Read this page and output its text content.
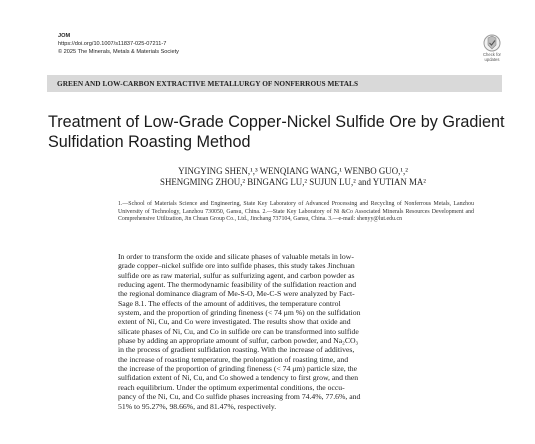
JOM
https://doi.org/10.1007/s11837-025-07211-7
© 2025 The Minerals, Metals & Materials Society	Check for
updates
GREEN AND LOW-CARBON EXTRACTIVE METALLURGY OF NONFERROUS METALS
Treatment of Low-Grade Copper-Nickel Sulfide Ore by Gradient Sulfidation Roasting Method
YINGYING SHEN,¹,³ WENQIANG WANG,¹ WENBO GUO,¹,²
SHENGMING ZHOU,² BINGANG LU,² SUJUN LU,² and YUTIAN MA²
1.—School of Materials Science and Engineering, State Key Laboratory of Advanced Processing and Recycling of Nonferrous Metals, Lanzhou University of Technology, Lanzhou 730050, Gansu, China. 2.—State Key Laboratory of Ni &Co Associated Minerals Resources Development and Comprehensive Utilization, Jin Chuan Group Co., Ltd., Jinchang 737104, Gansu, China. 3.—e-mail: shenyy@lut.edu.cn
In order to transform the oxide and silicate phases of valuable metals in low-
grade copper–nickel sulfide ore into sulfide phases, this study takes Jinchuan
sulfide ore as raw material, sulfur as sulfurizing agent, and carbon powder as
reducing agent. The thermodynamic feasibility of the sulfidation reaction and
the regional dominance diagram of Me-S-O, Me-C-S were analyzed by Fact-
Sage 8.1. The effects of the amount of additives, the temperature control
system, and the proportion of grinding fineness (< 74 μm %) on the sulfidation
extent of Ni, Cu, and Co were investigated. The results show that oxide and
silicate phases of Ni, Cu, and Co in sulfide ore can be transformed into sulfide
phase by adding an appropriate amount of sulfur, carbon powder, and Na₂CO₃
in the process of gradient sulfidation roasting. With the increase of additives,
the increase of roasting temperature, the prolongation of roasting time, and
the increase of the proportion of grinding fineness (< 74 μm) particle size, the
sulfidation extent of Ni, Cu, and Co showed a tendency to first grow, and then
reach equilibrium. Under the optimum experimental conditions, the occu-
pancy of the Ni, Cu, and Co sulfide phases increasing from 74.4%, 77.6%, and
51% to 95.27%, 98.66%, and 81.47%, respectively.
